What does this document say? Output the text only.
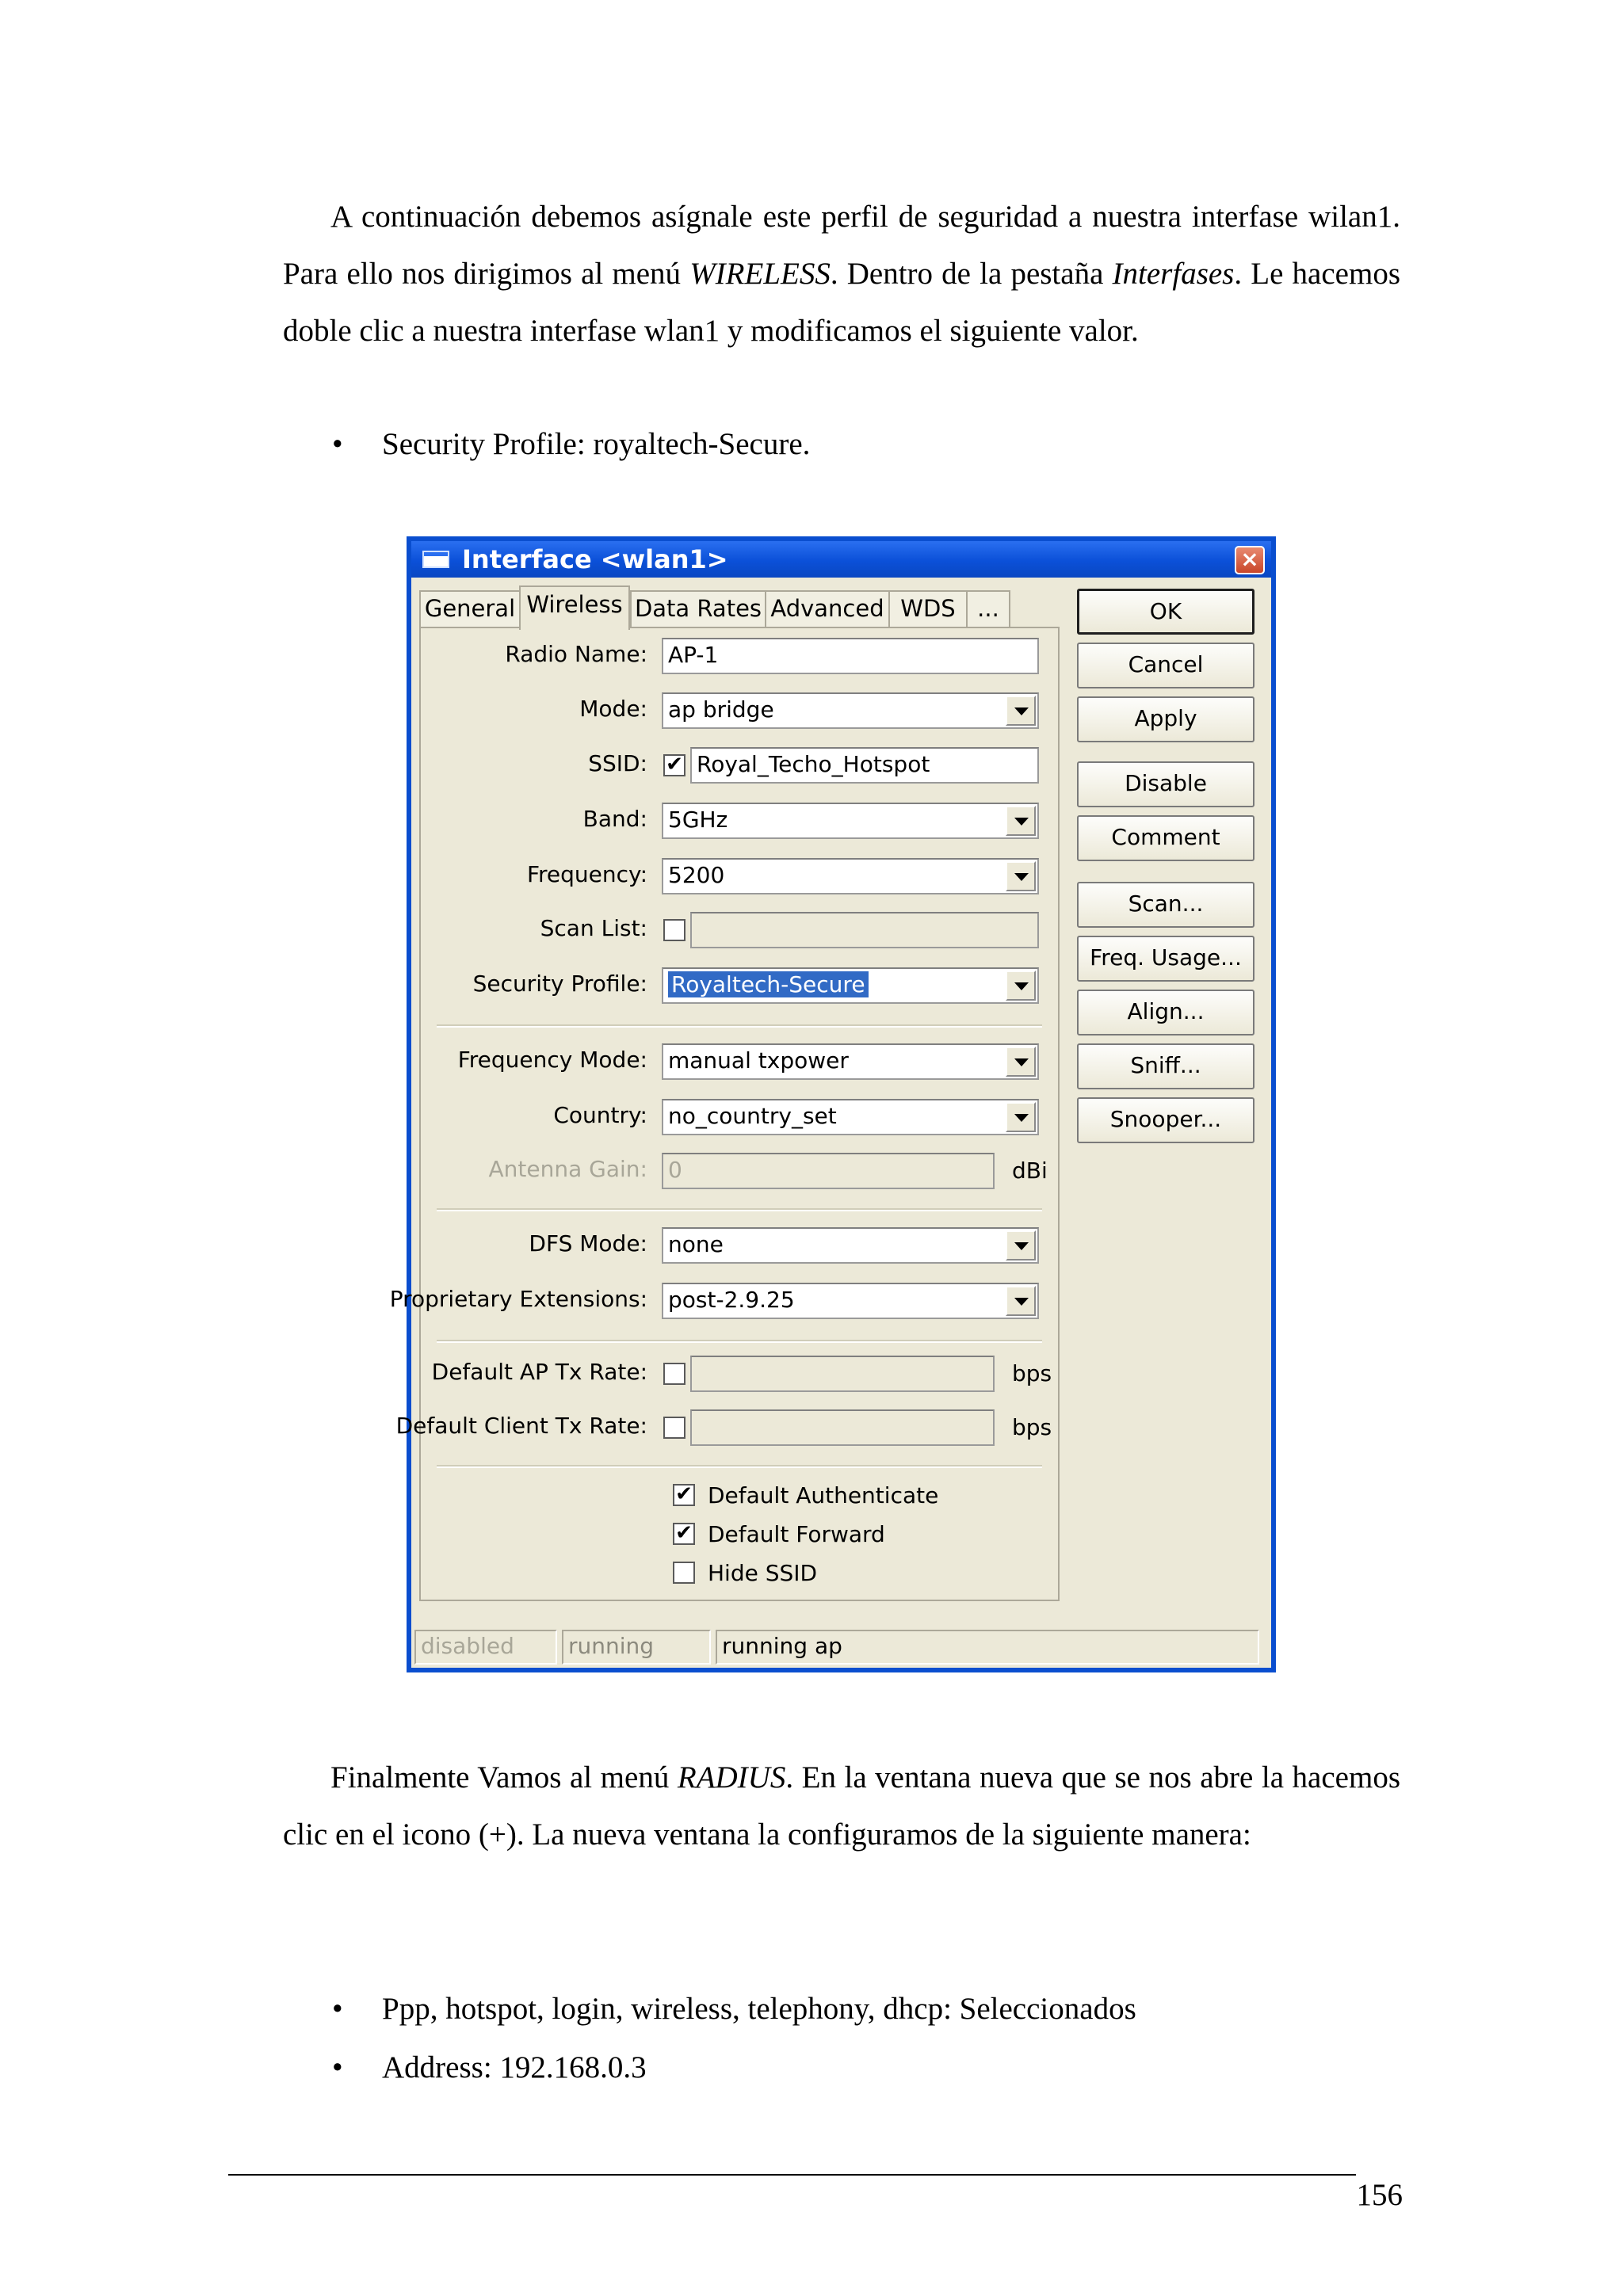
A continuación debemos asígnale este perfil de seguridad a nuestra interfase wilan1. Para ello nos dirigimos al menú WIRELESS. Dentro de la pestaña Interfases. Le hacemos doble clic a nuestra interfase wlan1 y modificamos el siguiente valor.

• Security Profile: royaltech-Secure.
Interface <wlan1>	×
General Wireless Data Rates Advanced WDS ...
Radio Name: AP-1
Mode: ap bridge
SSID: ✔ Royal_Techo_Hotspot
Band: 5GHz
Frequency: 5200
Scan List:
Security Profile:	Royaltech-Secure
Frequency Mode: manual txpower
Country: no_country_set
Antenna Gain: 0	dBi
DFS Mode: none
Proprietary Extensions: post-2.9.25
Default AP Tx Rate:	bps
Default Client Tx Rate:	bps
✔ Default Authenticate
✔ Default Forward
Hide SSID
OK
Cancel
Apply
Disable
Comment
Scan...
Freq. Usage...
Align...
Sniff...
Snooper...
disabled	running	running ap

Finalmente Vamos al menú RADIUS. En la ventana nueva que se nos abre la hacemos clic en el icono (+). La nueva ventana la configuramos de la siguiente manera:

• Ppp, hotspot, login, wireless, telephony, dhcp: Seleccionados
• Address: 192.168.0.3
156
